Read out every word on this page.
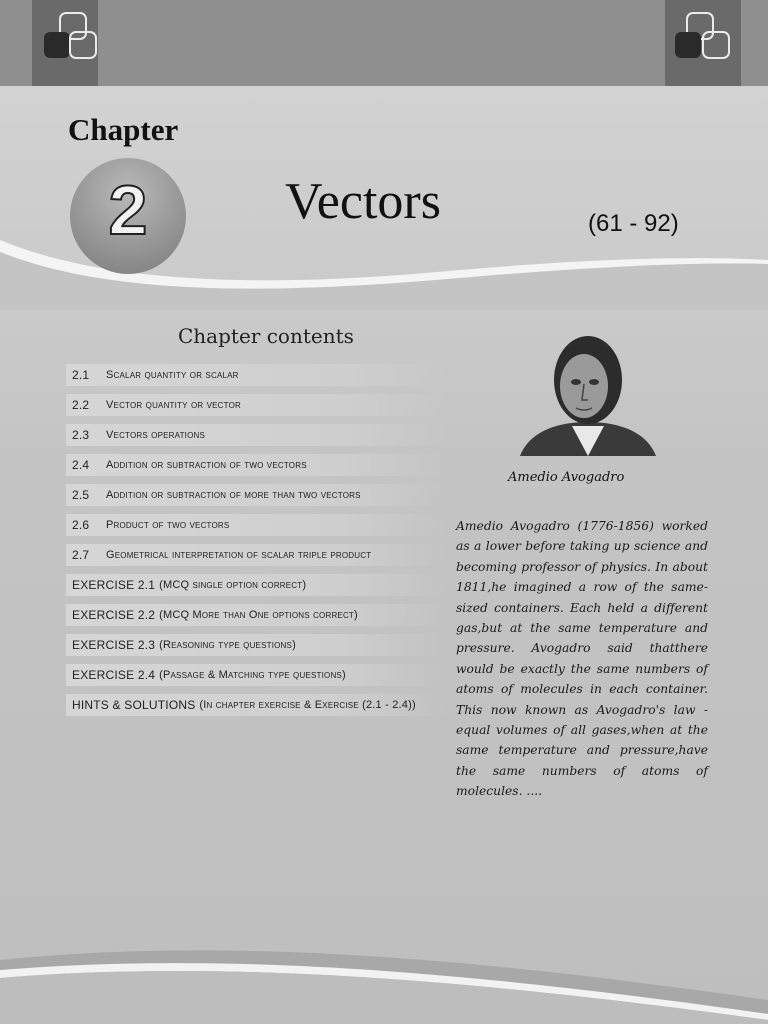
Chapter
2	Vectors	(61 - 92)
Chapter contents
2.1	Scalar quantity or scalar
2.2	Vector quantity or vector
2.3	Vectors operations
2.4	Addition or subtraction of two vectors
2.5	Addition or subtraction of more than two vectors
2.6	Product of two vectors
2.7	Geometrical interpretation of scalar triple product
EXERCISE 2.1 (MCQ single option correct)
EXERCISE 2.2 (MCQ More than One options correct)
EXERCISE 2.3 (Reasoning type questions)
EXERCISE 2.4 (Passage & Matching type questions)
HINTS & SOLUTIONS (In chapter exercise & Exercise (2.1 - 2.4))
Amedio Avogadro
Amedio Avogadro (1776-1856) worked as a lower before taking up science and becoming professor of physics. In about 1811,he imagined a row of the same-sized containers. Each held a different gas,but at the same temperature and pressure. Avogadro said thatthere would be exactly the same numbers of atoms of molecules in each container. This now known as Avogadro's law - equal volumes of all gases,when at the same temperature and pressure,have the same numbers of atoms of molecules. ....
